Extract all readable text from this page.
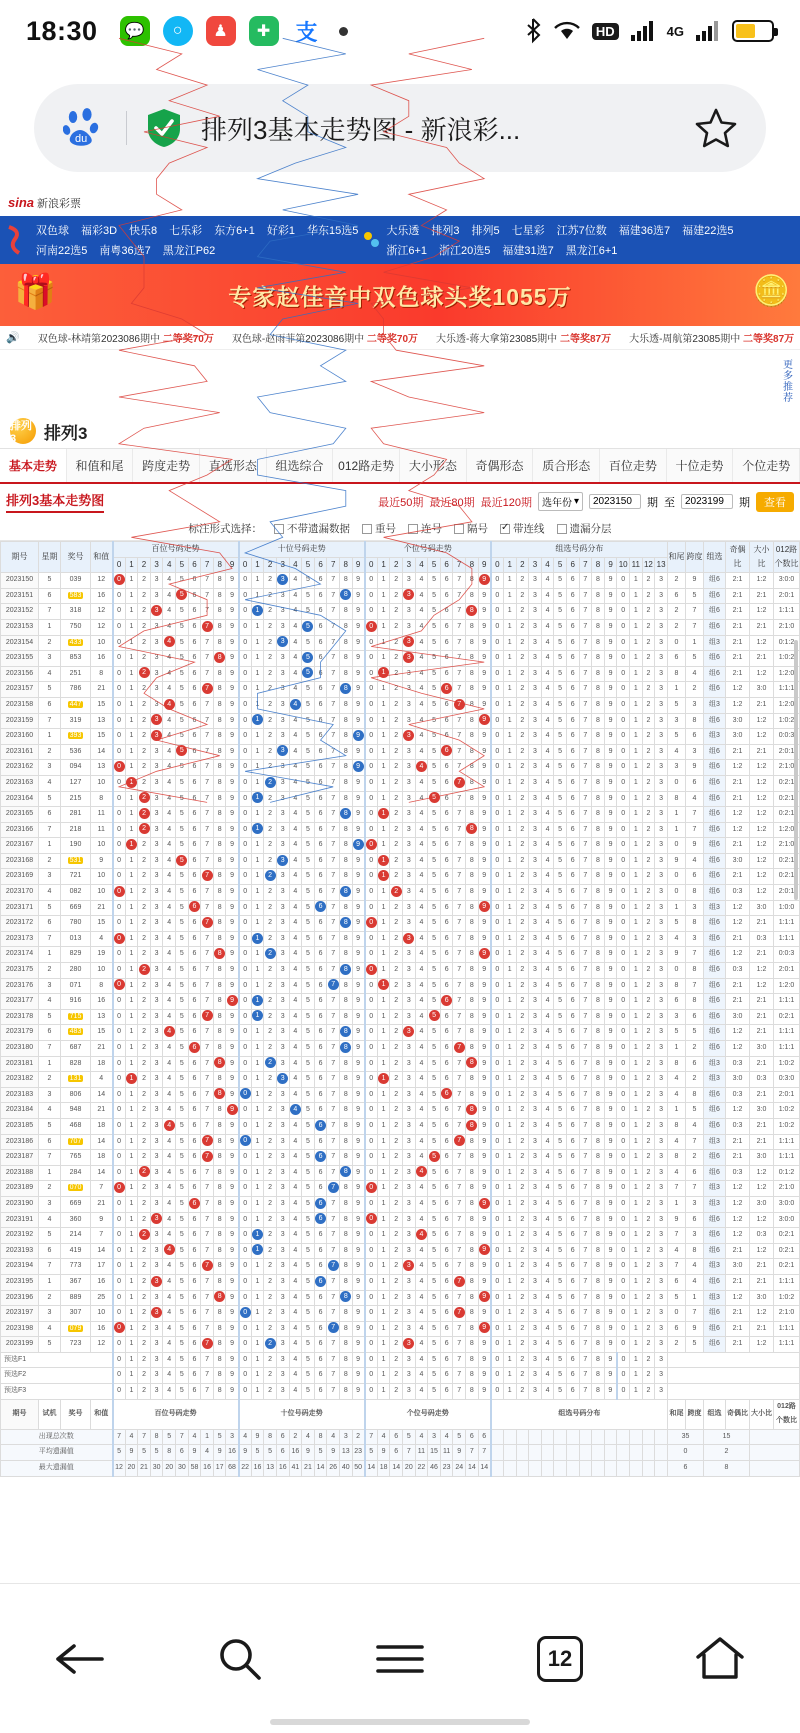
18:30	💬	○	♟	✚	支	HD	4G
du	排列3基本走势图 - 新浪彩...
sina 新浪彩票
双色球 福彩3D 快乐8 七乐彩 东方6+1 好彩1 华东15选5
河南22选5 南粤36选7 黑龙江P62
大乐透 排列3 排列5 七星彩 江苏7位数 福建36选7 福建22选5
浙江6+1 浙江20选5 福建31选7 黑龙江6+1
🎁	专家赵佳音中双色球头奖1055万	🪙
🔊 双色球-林靖第2023086期中 二等奖70万 双色球-赵雨菲第2023086期中 二等奖70万 大乐透-蒋大拿第23085期中 二等奖87万 大乐透-周航第23085期中 二等奖87万
更多推荐
排列3	排列3
基本走势	和值和尾	跨度走势	直选形态	组选综合	012路走势	大小形态	奇偶形态	质合形态	百位走势	十位走势	个位走势
排列3基本走势图	最近50期 最近80期 最近120期 选年份 ▾	2023150	期 至	2023199	期	查看
标注形式选择： 不带遗漏数据 重号 连号 隔号 ✓ 带连线 遗漏分层
期号	星期	奖号	和值	百位号码走势										十位号码走势										个位号码走势										组选号码分布														和尾	跨度	组选	奇偶比	大小比	012路个数比
				0	1	2	3	4	5	6	7	8	9	0	1	2	3	4	5	6	7	8	9	0	1	2	3	4	5	6	7	8	9	0	1	2	3	4	5	6	7	8	9	10	11	12	13						
2023150	5	039	12	0	1	2	3	4	5	6	7	8	9	0	1	2	3	4	5	6	7	8	9	0	1	2	3	4	5	6	7	8	9	0	1	2	3	4	5	6	7	8	9	0	1	2	3	2	9	组6	2:1	1:2	3:0:0
2023151	6	583	16	0	1	2	3	4	5	6	7	8	9	0	1	2	3	4	5	6	7	8	9	0	1	2	3	4	5	6	7	8	9	0	1	2	3	4	5	6	7	8	9	0	1	2	3	6	5	组6	2:1	2:1	2:0:1
2023152	7	318	12	0	1	2	3	4	5	6	7	8	9	0	1	2	3	4	5	6	7	8	9	0	1	2	3	4	5	6	7	8	9	0	1	2	3	4	5	6	7	8	9	0	1	2	3	2	7	组6	2:1	1:2	1:1:1
2023153	1	750	12	0	1	2	3	4	5	6	7	8	9	0	1	2	3	4	5	6	7	8	9	0	1	2	3	4	5	6	7	8	9	0	1	2	3	4	5	6	7	8	9	0	1	2	3	2	7	组6	2:1	2:1	2:1:0
2023154	2	433	10	0	1	2	3	4	5	6	7	8	9	0	1	2	3	4	5	6	7	8	9	0	1	2	3	4	5	6	7	8	9	0	1	2	3	4	5	6	7	8	9	0	1	2	3	0	1	组3	2:1	1:2	0:1:2
2023155	3	853	16	0	1	2	3	4	5	6	7	8	9	0	1	2	3	4	5	6	7	8	9	0	1	2	3	4	5	6	7	8	9	0	1	2	3	4	5	6	7	8	9	0	1	2	3	6	5	组6	2:1	2:1	1:0:2
2023156	4	251	8	0	1	2	3	4	5	6	7	8	9	0	1	2	3	4	5	6	7	8	9	0	1	2	3	4	5	6	7	8	9	0	1	2	3	4	5	6	7	8	9	0	1	2	3	8	4	组6	2:1	1:2	1:2:0
2023157	5	786	21	0	1	2	3	4	5	6	7	8	9	0	1	2	3	4	5	6	7	8	9	0	1	2	3	4	5	6	7	8	9	0	1	2	3	4	5	6	7	8	9	0	1	2	3	1	2	组6	1:2	3:0	1:1:1
2023158	6	447	15	0	1	2	3	4	5	6	7	8	9	0	1	2	3	4	5	6	7	8	9	0	1	2	3	4	5	6	7	8	9	0	1	2	3	4	5	6	7	8	9	0	1	2	3	5	3	组3	1:2	2:1	1:2:0
2023159	7	319	13	0	1	2	3	4	5	6	7	8	9	0	1	2	3	4	5	6	7	8	9	0	1	2	3	4	5	6	7	8	9	0	1	2	3	4	5	6	7	8	9	0	1	2	3	3	8	组6	3:0	1:2	1:0:2
2023160	1	393	15	0	1	2	3	4	5	6	7	8	9	0	1	2	3	4	5	6	7	8	9	0	1	2	3	4	5	6	7	8	9	0	1	2	3	4	5	6	7	8	9	0	1	2	3	5	6	组3	3:0	1:2	0:0:3
2023161	2	536	14	0	1	2	3	4	5	6	7	8	9	0	1	2	3	4	5	6	7	8	9	0	1	2	3	4	5	6	7	8	9	0	1	2	3	4	5	6	7	8	9	0	1	2	3	4	3	组6	2:1	2:1	2:0:1
2023162	3	094	13	0	1	2	3	4	5	6	7	8	9	0	1	2	3	4	5	6	7	8	9	0	1	2	3	4	5	6	7	8	9	0	1	2	3	4	5	6	7	8	9	0	1	2	3	3	9	组6	1:2	1:2	2:1:0
2023163	4	127	10	0	1	2	3	4	5	6	7	8	9	0	1	2	3	4	5	6	7	8	9	0	1	2	3	4	5	6	7	8	9	0	1	2	3	4	5	6	7	8	9	0	1	2	3	0	6	组6	2:1	1:2	0:2:1
2023164	5	215	8	0	1	2	3	4	5	6	7	8	9	0	1	2	3	4	5	6	7	8	9	0	1	2	3	4	5	6	7	8	9	0	1	2	3	4	5	6	7	8	9	0	1	2	3	8	4	组6	2:1	1:2	0:2:1
2023165	6	281	11	0	1	2	3	4	5	6	7	8	9	0	1	2	3	4	5	6	7	8	9	0	1	2	3	4	5	6	7	8	9	0	1	2	3	4	5	6	7	8	9	0	1	2	3	1	7	组6	1:2	1:2	0:2:1
2023166	7	218	11	0	1	2	3	4	5	6	7	8	9	0	1	2	3	4	5	6	7	8	9	0	1	2	3	4	5	6	7	8	9	0	1	2	3	4	5	6	7	8	9	0	1	2	3	1	7	组6	1:2	1:2	1:2:0
2023167	1	190	10	0	1	2	3	4	5	6	7	8	9	0	1	2	3	4	5	6	7	8	9	0	1	2	3	4	5	6	7	8	9	0	1	2	3	4	5	6	7	8	9	0	1	2	3	0	9	组6	2:1	1:2	2:1:0
2023168	2	531	9	0	1	2	3	4	5	6	7	8	9	0	1	2	3	4	5	6	7	8	9	0	1	2	3	4	5	6	7	8	9	0	1	2	3	4	5	6	7	8	9	0	1	2	3	9	4	组6	3:0	1:2	0:2:1
2023169	3	721	10	0	1	2	3	4	5	6	7	8	9	0	1	2	3	4	5	6	7	8	9	0	1	2	3	4	5	6	7	8	9	0	1	2	3	4	5	6	7	8	9	0	1	2	3	0	6	组6	2:1	1:2	0:2:1
2023170	4	082	10	0	1	2	3	4	5	6	7	8	9	0	1	2	3	4	5	6	7	8	9	0	1	2	3	4	5	6	7	8	9	0	1	2	3	4	5	6	7	8	9	0	1	2	3	0	8	组6	0:3	1:2	2:0:1
2023171	5	669	21	0	1	2	3	4	5	6	7	8	9	0	1	2	3	4	5	6	7	8	9	0	1	2	3	4	5	6	7	8	9	0	1	2	3	4	5	6	7	8	9	0	1	2	3	1	3	组3	1:2	3:0	1:0:0
2023172	6	780	15	0	1	2	3	4	5	6	7	8	9	0	1	2	3	4	5	6	7	8	9	0	1	2	3	4	5	6	7	8	9	0	1	2	3	4	5	6	7	8	9	0	1	2	3	5	8	组6	1:2	2:1	1:1:1
2023173	7	013	4	0	1	2	3	4	5	6	7	8	9	0	1	2	3	4	5	6	7	8	9	0	1	2	3	4	5	6	7	8	9	0	1	2	3	4	5	6	7	8	9	0	1	2	3	4	3	组6	2:1	0:3	1:1:1
2023174	1	829	19	0	1	2	3	4	5	6	7	8	9	0	1	2	3	4	5	6	7	8	9	0	1	2	3	4	5	6	7	8	9	0	1	2	3	4	5	6	7	8	9	0	1	2	3	9	7	组6	1:2	2:1	0:0:3
2023175	2	280	10	0	1	2	3	4	5	6	7	8	9	0	1	2	3	4	5	6	7	8	9	0	1	2	3	4	5	6	7	8	9	0	1	2	3	4	5	6	7	8	9	0	1	2	3	0	8	组6	0:3	1:2	2:0:1
2023176	3	071	8	0	1	2	3	4	5	6	7	8	9	0	1	2	3	4	5	6	7	8	9	0	1	2	3	4	5	6	7	8	9	0	1	2	3	4	5	6	7	8	9	0	1	2	3	8	7	组6	2:1	1:2	1:2:0
2023177	4	916	16	0	1	2	3	4	5	6	7	8	9	0	1	2	3	4	5	6	7	8	9	0	1	2	3	4	5	6	7	8	9	0	1	2	3	4	5	6	7	8	9	0	1	2	3	6	8	组6	2:1	2:1	1:1:1
2023178	5	715	13	0	1	2	3	4	5	6	7	8	9	0	1	2	3	4	5	6	7	8	9	0	1	2	3	4	5	6	7	8	9	0	1	2	3	4	5	6	7	8	9	0	1	2	3	3	6	组6	3:0	2:1	0:2:1
2023179	6	483	15	0	1	2	3	4	5	6	7	8	9	0	1	2	3	4	5	6	7	8	9	0	1	2	3	4	5	6	7	8	9	0	1	2	3	4	5	6	7	8	9	0	1	2	3	5	5	组6	1:2	2:1	1:1:1
2023180	7	687	21	0	1	2	3	4	5	6	7	8	9	0	1	2	3	4	5	6	7	8	9	0	1	2	3	4	5	6	7	8	9	0	1	2	3	4	5	6	7	8	9	0	1	2	3	1	2	组6	1:2	3:0	1:1:1
2023181	1	828	18	0	1	2	3	4	5	6	7	8	9	0	1	2	3	4	5	6	7	8	9	0	1	2	3	4	5	6	7	8	9	0	1	2	3	4	5	6	7	8	9	0	1	2	3	8	6	组3	0:3	2:1	1:0:2
2023182	2	131	4	0	1	2	3	4	5	6	7	8	9	0	1	2	3	4	5	6	7	8	9	0	1	2	3	4	5	6	7	8	9	0	1	2	3	4	5	6	7	8	9	0	1	2	3	4	2	组3	3:0	0:3	0:3:0
2023183	3	806	14	0	1	2	3	4	5	6	7	8	9	0	1	2	3	4	5	6	7	8	9	0	1	2	3	4	5	6	7	8	9	0	1	2	3	4	5	6	7	8	9	0	1	2	3	4	8	组6	0:3	2:1	2:0:1
2023184	4	948	21	0	1	2	3	4	5	6	7	8	9	0	1	2	3	4	5	6	7	8	9	0	1	2	3	4	5	6	7	8	9	0	1	2	3	4	5	6	7	8	9	0	1	2	3	1	5	组6	1:2	3:0	1:0:2
2023185	5	468	18	0	1	2	3	4	5	6	7	8	9	0	1	2	3	4	5	6	7	8	9	0	1	2	3	4	5	6	7	8	9	0	1	2	3	4	5	6	7	8	9	0	1	2	3	8	4	组6	0:3	2:1	1:0:2
2023186	6	707	14	0	1	2	3	4	5	6	7	8	9	0	1	2	3	4	5	6	7	8	9	0	1	2	3	4	5	6	7	8	9	0	1	2	3	4	5	6	7	8	9	0	1	2	3	4	7	组3	2:1	2:1	1:1:1
2023187	7	765	18	0	1	2	3	4	5	6	7	8	9	0	1	2	3	4	5	6	7	8	9	0	1	2	3	4	5	6	7	8	9	0	1	2	3	4	5	6	7	8	9	0	1	2	3	8	2	组6	2:1	3:0	1:1:1
2023188	1	284	14	0	1	2	3	4	5	6	7	8	9	0	1	2	3	4	5	6	7	8	9	0	1	2	3	4	5	6	7	8	9	0	1	2	3	4	5	6	7	8	9	0	1	2	3	4	6	组6	0:3	1:2	0:1:2
2023189	2	070	7	0	1	2	3	4	5	6	7	8	9	0	1	2	3	4	5	6	7	8	9	0	1	2	3	4	5	6	7	8	9	0	1	2	3	4	5	6	7	8	9	0	1	2	3	7	7	组3	1:2	1:2	2:1:0
2023190	3	669	21	0	1	2	3	4	5	6	7	8	9	0	1	2	3	4	5	6	7	8	9	0	1	2	3	4	5	6	7	8	9	0	1	2	3	4	5	6	7	8	9	0	1	2	3	1	3	组3	1:2	3:0	3:0:0
2023191	4	360	9	0	1	2	3	4	5	6	7	8	9	0	1	2	3	4	5	6	7	8	9	0	1	2	3	4	5	6	7	8	9	0	1	2	3	4	5	6	7	8	9	0	1	2	3	9	6	组6	1:2	1:2	3:0:0
2023192	5	214	7	0	1	2	3	4	5	6	7	8	9	0	1	2	3	4	5	6	7	8	9	0	1	2	3	4	5	6	7	8	9	0	1	2	3	4	5	6	7	8	9	0	1	2	3	7	3	组6	1:2	0:3	0:2:1
2023193	6	419	14	0	1	2	3	4	5	6	7	8	9	0	1	2	3	4	5	6	7	8	9	0	1	2	3	4	5	6	7	8	9	0	1	2	3	4	5	6	7	8	9	0	1	2	3	4	8	组6	2:1	1:2	0:2:1
2023194	7	773	17	0	1	2	3	4	5	6	7	8	9	0	1	2	3	4	5	6	7	8	9	0	1	2	3	4	5	6	7	8	9	0	1	2	3	4	5	6	7	8	9	0	1	2	3	7	4	组3	3:0	2:1	0:2:1
2023195	1	367	16	0	1	2	3	4	5	6	7	8	9	0	1	2	3	4	5	6	7	8	9	0	1	2	3	4	5	6	7	8	9	0	1	2	3	4	5	6	7	8	9	0	1	2	3	6	4	组6	2:1	2:1	1:1:1
2023196	2	889	25	0	1	2	3	4	5	6	7	8	9	0	1	2	3	4	5	6	7	8	9	0	1	2	3	4	5	6	7	8	9	0	1	2	3	4	5	6	7	8	9	0	1	2	3	5	1	组3	1:2	3:0	1:0:2
2023197	3	307	10	0	1	2	3	4	5	6	7	8	9	0	1	2	3	4	5	6	7	8	9	0	1	2	3	4	5	6	7	8	9	0	1	2	3	4	5	6	7	8	9	0	1	2	3	0	7	组6	2:1	1:2	2:1:0
2023198	4	079	16	0	1	2	3	4	5	6	7	8	9	0	1	2	3	4	5	6	7	8	9	0	1	2	3	4	5	6	7	8	9	0	1	2	3	4	5	6	7	8	9	0	1	2	3	6	9	组6	2:1	2:1	1:1:1
2023199	5	723	12	0	1	2	3	4	5	6	7	8	9	0	1	2	3	4	5	6	7	8	9	0	1	2	3	4	5	6	7	8	9	0	1	2	3	4	5	6	7	8	9	0	1	2	3	2	5	组6	2:1	1:2	1:1:1
预选F1				0	1	2	3	4	5	6	7	8	9	0	1	2	3	4	5	6	7	8	9	0	1	2	3	4	5	6	7	8	9	0	1	2	3	4	5	6	7	8	9	0	1	2	3						
预选F2				0	1	2	3	4	5	6	7	8	9	0	1	2	3	4	5	6	7	8	9	0	1	2	3	4	5	6	7	8	9	0	1	2	3	4	5	6	7	8	9	0	1	2	3						
预选F3				0	1	2	3	4	5	6	7	8	9	0	1	2	3	4	5	6	7	8	9	0	1	2	3	4	5	6	7	8	9	0	1	2	3	4	5	6	7	8	9	0	1	2	3						
期号	试机	奖号	和值	百位号码走势										十位号码走势										个位号码走势										组选号码分布														和尾	跨度	组选	奇偶比	大小比	012路个数比
出现总次数				7	4	7	8	5	7	4	1	5	3	4	9	8	6	2	4	8	4	3	2	7	4	6	5	4	3	4	5	6	6															35		15			
平均遗漏值				5	9	5	5	8	6	9	4	9	16	9	5	5	6	16	9	5	9	13	23	5	9	6	7	11	15	11	9	7	7															0		2			
最大遗漏值				12	20	21	30	20	30	58	16	17	68	22	16	13	16	41	21	14	26	40	50	14	18	14	20	22	46	23	24	14	14															6		8			
12
